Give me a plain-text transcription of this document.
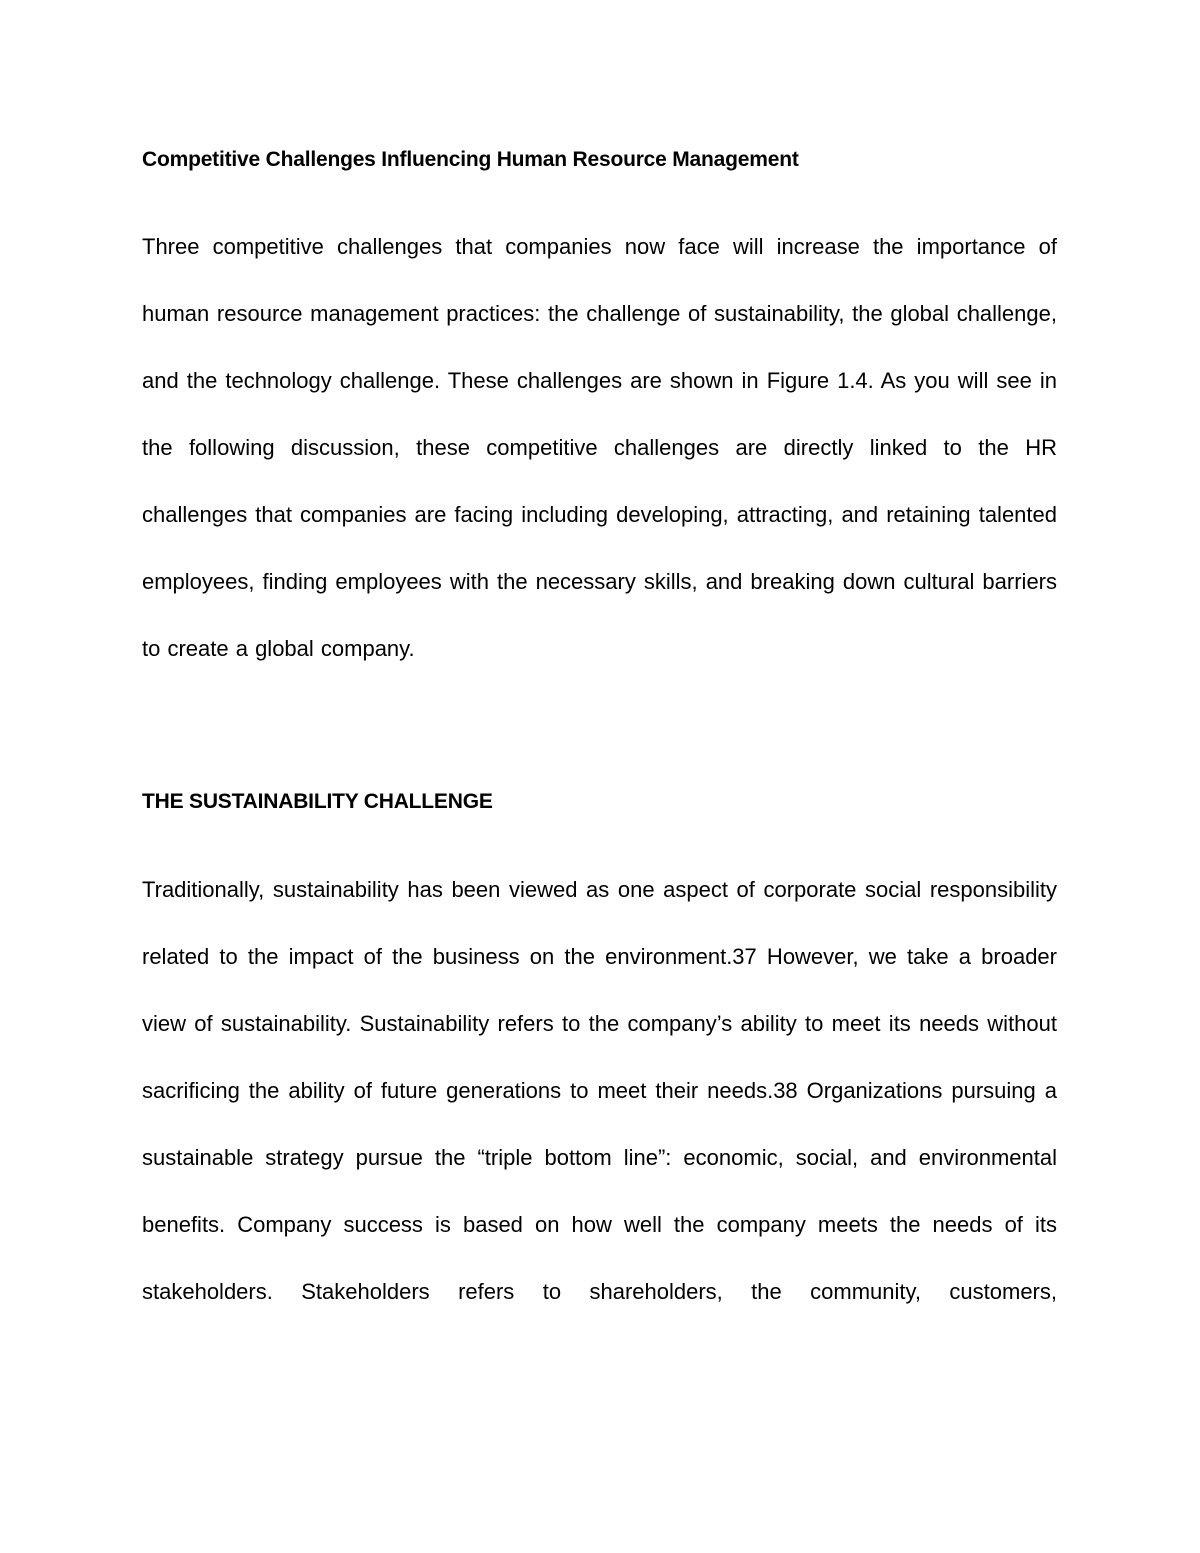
Competitive Challenges Influencing Human Resource Management

Three competitive challenges that companies now face will increase the importance of human resource management practices: the challenge of sustainability, the global challenge, and the technology challenge. These challenges are shown in Figure 1.4. As you will see in the following discussion, these competitive challenges are directly linked to the HR challenges that companies are facing including developing, attracting, and retaining talented employees, finding employees with the necessary skills, and breaking down cultural barriers to create a global company.

THE SUSTAINABILITY CHALLENGE

Traditionally, sustainability has been viewed as one aspect of corporate social responsibility related to the impact of the business on the environment.37 However, we take a broader view of sustainability. Sustainability refers to the company’s ability to meet its needs without sacrificing the ability of future generations to meet their needs.38 Organizations pursuing a sustainable strategy pursue the “triple bottom line”: economic, social, and environmental benefits. Company success is based on how well the company meets the needs of its stakeholders. Stakeholders refers to shareholders, the community, customers,
